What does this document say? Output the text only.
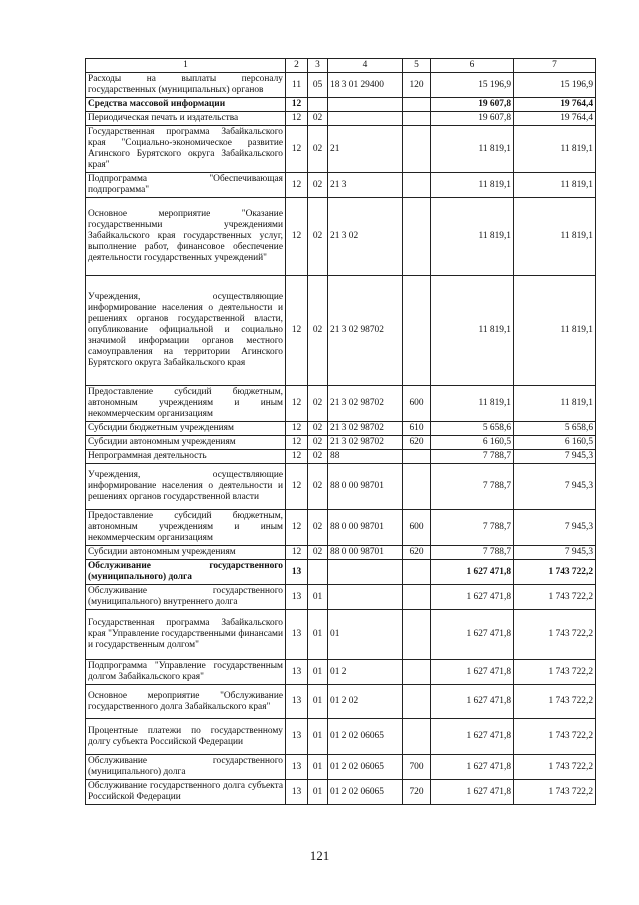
1	2	3	4	5	6	7
Расходы на выплаты персоналу государственных (муниципальных) органов	11	05	18 3 01 29400	120	15 196,9	15 196,9
Средства массовой информации	12				19 607,8	19 764,4
Периодическая печать и издательства	12	02			19 607,8	19 764,4
Государственная программа Забайкальского края "Социально-экономическое развитие Агинского Бурятского округа Забайкальского края"	12	02	21		11 819,1	11 819,1
Подпрограмма "Обеспечивающая подпрограмма"	12	02	21 3		11 819,1	11 819,1
Основное мероприятие "Оказание государственными учреждениями Забайкальского края государственных услуг, выполнение работ, финансовое обеспечение деятельности государственных учреждений"	12	02	21 3 02		11 819,1	11 819,1
Учреждения, осуществляющие информирование населения о деятельности и решениях органов государственной власти, опубликование официальной и социально значимой информации органов местного самоуправления на территории Агинского Бурятского округа Забайкальского края	12	02	21 3 02 98702		11 819,1	11 819,1
Предоставление субсидий бюджетным, автономным учреждениям и иным некоммерческим организациям	12	02	21 3 02 98702	600	11 819,1	11 819,1
Субсидии бюджетным учреждениям	12	02	21 3 02 98702	610	5 658,6	5 658,6
Субсидии автономным учреждениям	12	02	21 3 02 98702	620	6 160,5	6 160,5
Непрограммная деятельность	12	02	88		7 788,7	7 945,3
Учреждения, осуществляющие информирование населения о деятельности и решениях органов государственной власти	12	02	88 0 00 98701		7 788,7	7 945,3
Предоставление субсидий бюджетным, автономным учреждениям и иным некоммерческим организациям	12	02	88 0 00 98701	600	7 788,7	7 945,3
Субсидии автономным учреждениям	12	02	88 0 00 98701	620	7 788,7	7 945,3
Обслуживание государственного (муниципального) долга	13				1 627 471,8	1 743 722,2
Обслуживание государственного (муниципального) внутреннего долга	13	01			1 627 471,8	1 743 722,2
Государственная программа Забайкальского края "Управление государственными финансами и государственным долгом"	13	01	01		1 627 471,8	1 743 722,2
Подпрограмма "Управление государственным долгом Забайкальского края"	13	01	01 2		1 627 471,8	1 743 722,2
Основное мероприятие "Обслуживание государственного долга Забайкальского края"	13	01	01 2 02		1 627 471,8	1 743 722,2
Процентные платежи по государственному долгу субъекта Российской Федерации	13	01	01 2 02 06065		1 627 471,8	1 743 722,2
Обслуживание государственного (муниципального) долга	13	01	01 2 02 06065	700	1 627 471,8	1 743 722,2
Обслуживание государственного долга субъекта Российской Федерации	13	01	01 2 02 06065	720	1 627 471,8	1 743 722,2
121
